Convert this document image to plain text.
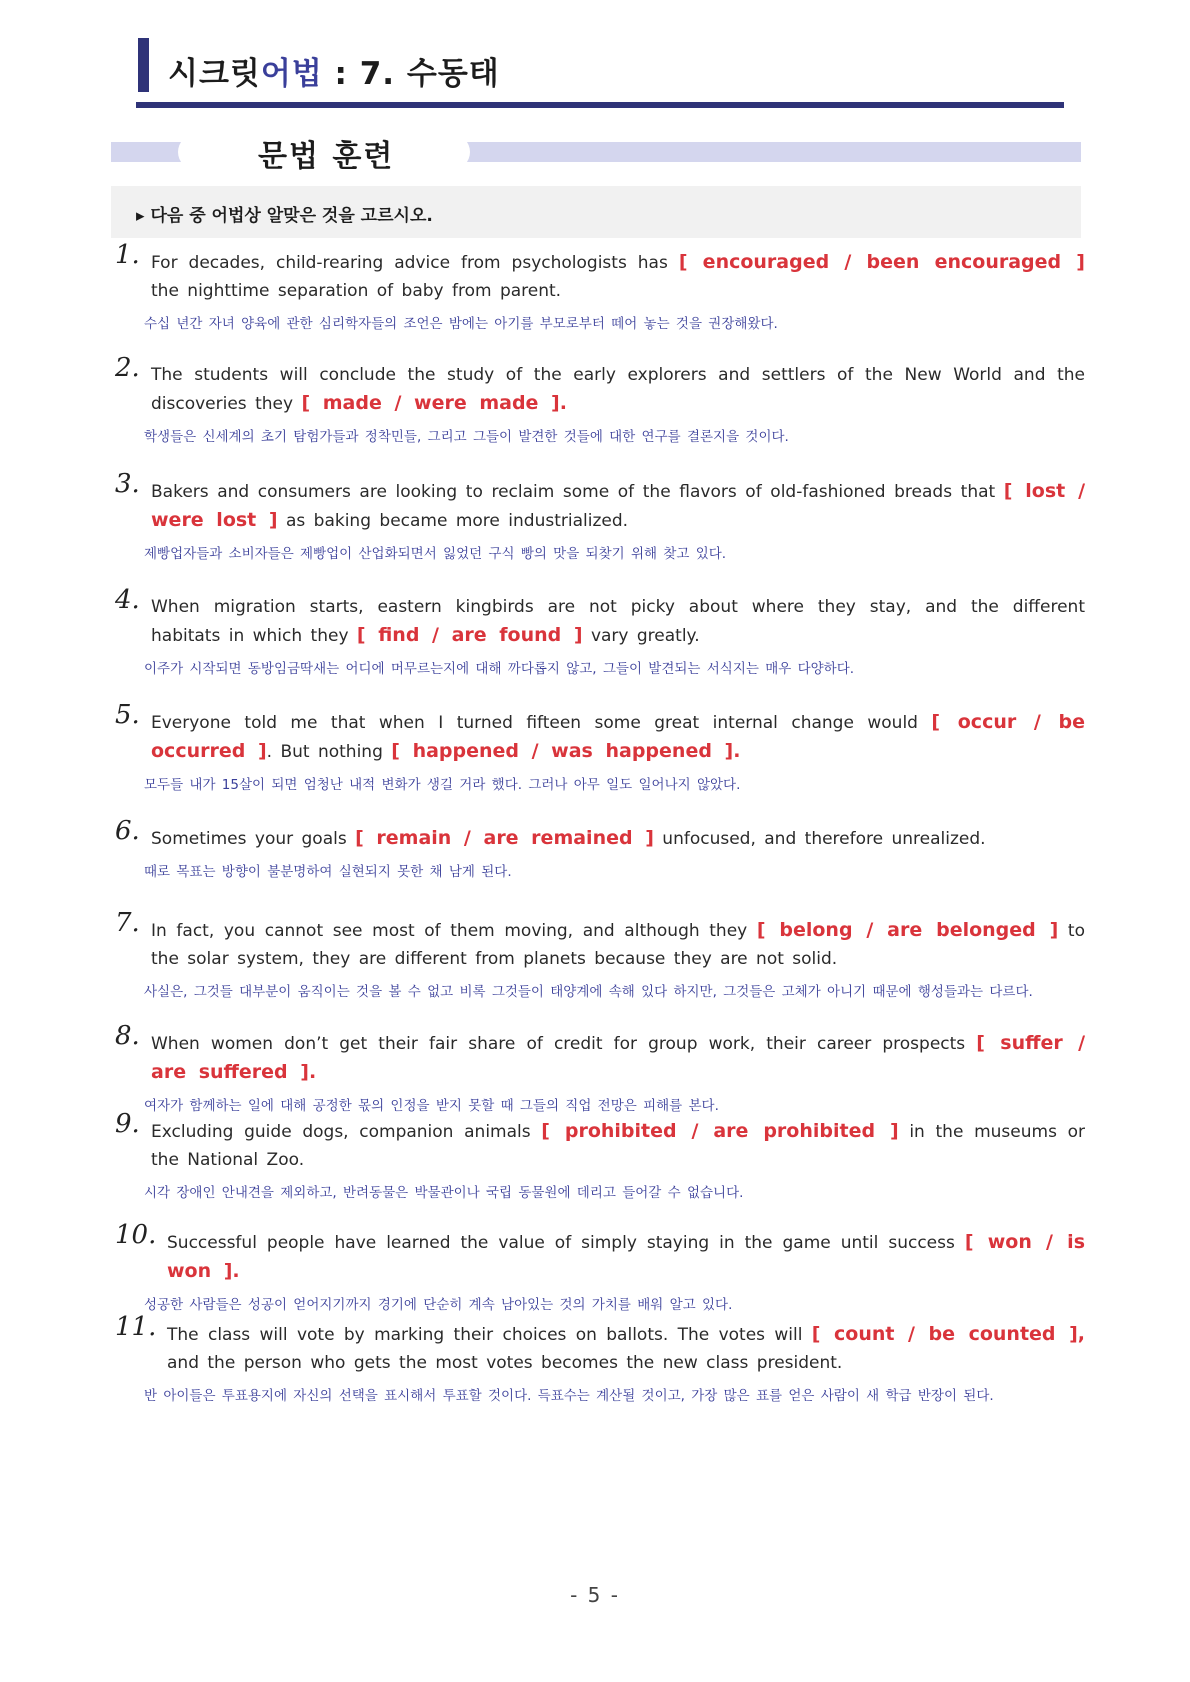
시크릿어법 : 7. 수동태
문법 훈련
▸ 다음 중 어법상 알맞은 것을 고르시오.
1. For decades, child-rearing advice from psychologists has [ encouraged / been encouraged ] the nighttime separation of baby from parent.
수십 년간 자녀 양육에 관한 심리학자들의 조언은 밤에는 아기를 부모로부터 떼어 놓는 것을 권장해왔다.
2. The students will conclude the study of the early explorers and settlers of the New World and the discoveries they [ made / were made ].
학생들은 신세계의 초기 탐험가들과 정착민들, 그리고 그들이 발견한 것들에 대한 연구를 결론지을 것이다.
3. Bakers and consumers are looking to reclaim some of the flavors of old-fashioned breads that [ lost / were lost ] as baking became more industrialized.
제빵업자들과 소비자들은 제빵업이 산업화되면서 잃었던 구식 빵의 맛을 되찾기 위해 찾고 있다.
4. When migration starts, eastern kingbirds are not picky about where they stay, and the different habitats in which they [ find / are found ] vary greatly.
이주가 시작되면 동방임금딱새는 어디에 머무르는지에 대해 까다롭지 않고, 그들이 발견되는 서식지는 매우 다양하다.
5. Everyone told me that when I turned fifteen some great internal change would [ occur / be occurred ]. But nothing [ happened / was happened ].
모두들 내가 15살이 되면 엄청난 내적 변화가 생길 거라 했다. 그러나 아무 일도 일어나지 않았다.
6. Sometimes your goals [ remain / are remained ] unfocused, and therefore unrealized.
때로 목표는 방향이 불분명하여 실현되지 못한 채 남게 된다.
7. In fact, you cannot see most of them moving, and although they [ belong / are belonged ] to the solar system, they are different from planets because they are not solid.
사실은, 그것들 대부분이 움직이는 것을 볼 수 없고 비록 그것들이 태양계에 속해 있다 하지만, 그것들은 고체가 아니기 때문에 행성들과는 다르다.
8. When women don’t get their fair share of credit for group work, their career prospects [ suffer / are suffered ].
여자가 함께하는 일에 대해 공정한 몫의 인정을 받지 못할 때 그들의 직업 전망은 피해를 본다.
9. Excluding guide dogs, companion animals [ prohibited / are prohibited ] in the museums or the National Zoo.
시각 장애인 안내견을 제외하고, 반려동물은 박물관이나 국립 동물원에 데리고 들어갈 수 없습니다.
10. Successful people have learned the value of simply staying in the game until success [ won / is won ].
성공한 사람들은 성공이 얻어지기까지 경기에 단순히 계속 남아있는 것의 가치를 배워 알고 있다.
11. The class will vote by marking their choices on ballots. The votes will [ count / be counted ], and the person who gets the most votes becomes the new class president.
반 아이들은 투표용지에 자신의 선택을 표시해서 투표할 것이다. 득표수는 계산될 것이고, 가장 많은 표를 얻은 사람이 새 학급 반장이 된다.
- 5 -
